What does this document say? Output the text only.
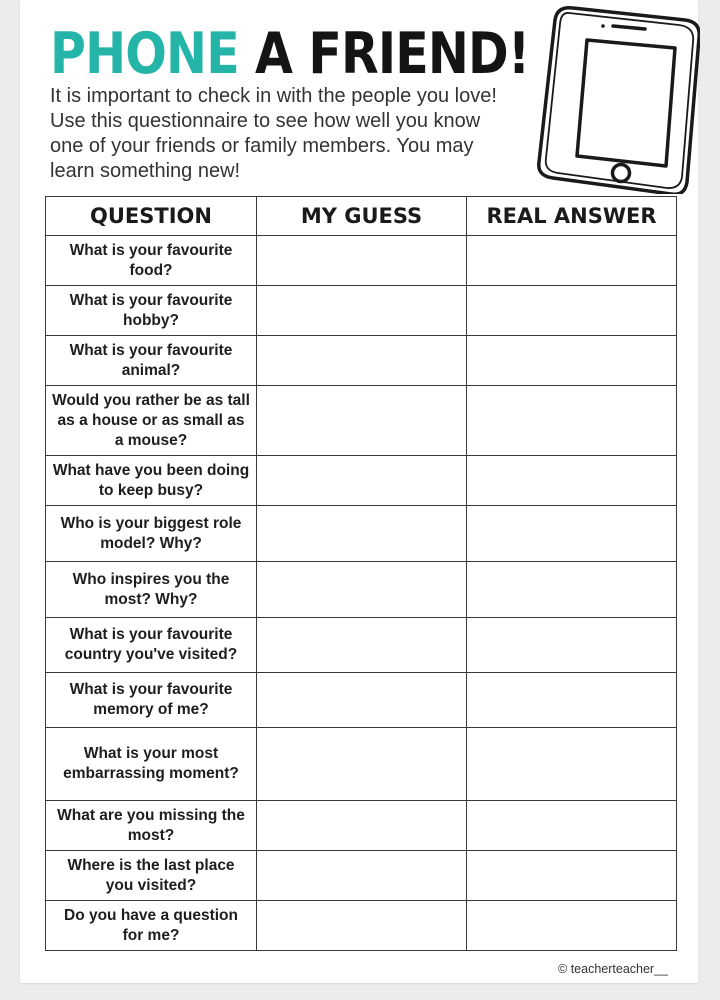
PHONE A FRIEND!

It is important to check in with the people you love! Use this questionnaire to see how well you know one of your friends or family members. You may learn something new!

QUESTION	MY GUESS	REAL ANSWER
What is your favourite food?		
What is your favourite hobby?		
What is your favourite animal?		
Would you rather be as tall as a house or as small as a mouse?		
What have you been doing to keep busy?		
Who is your biggest role model? Why?		
Who inspires you the most? Why?		
What is your favourite country you've visited?		
What is your favourite memory of me?		
What is your most embarrassing moment?		
What are you missing the most?		
Where is the last place you visited?		
Do you have a question for me?		
© teacherteacher__
